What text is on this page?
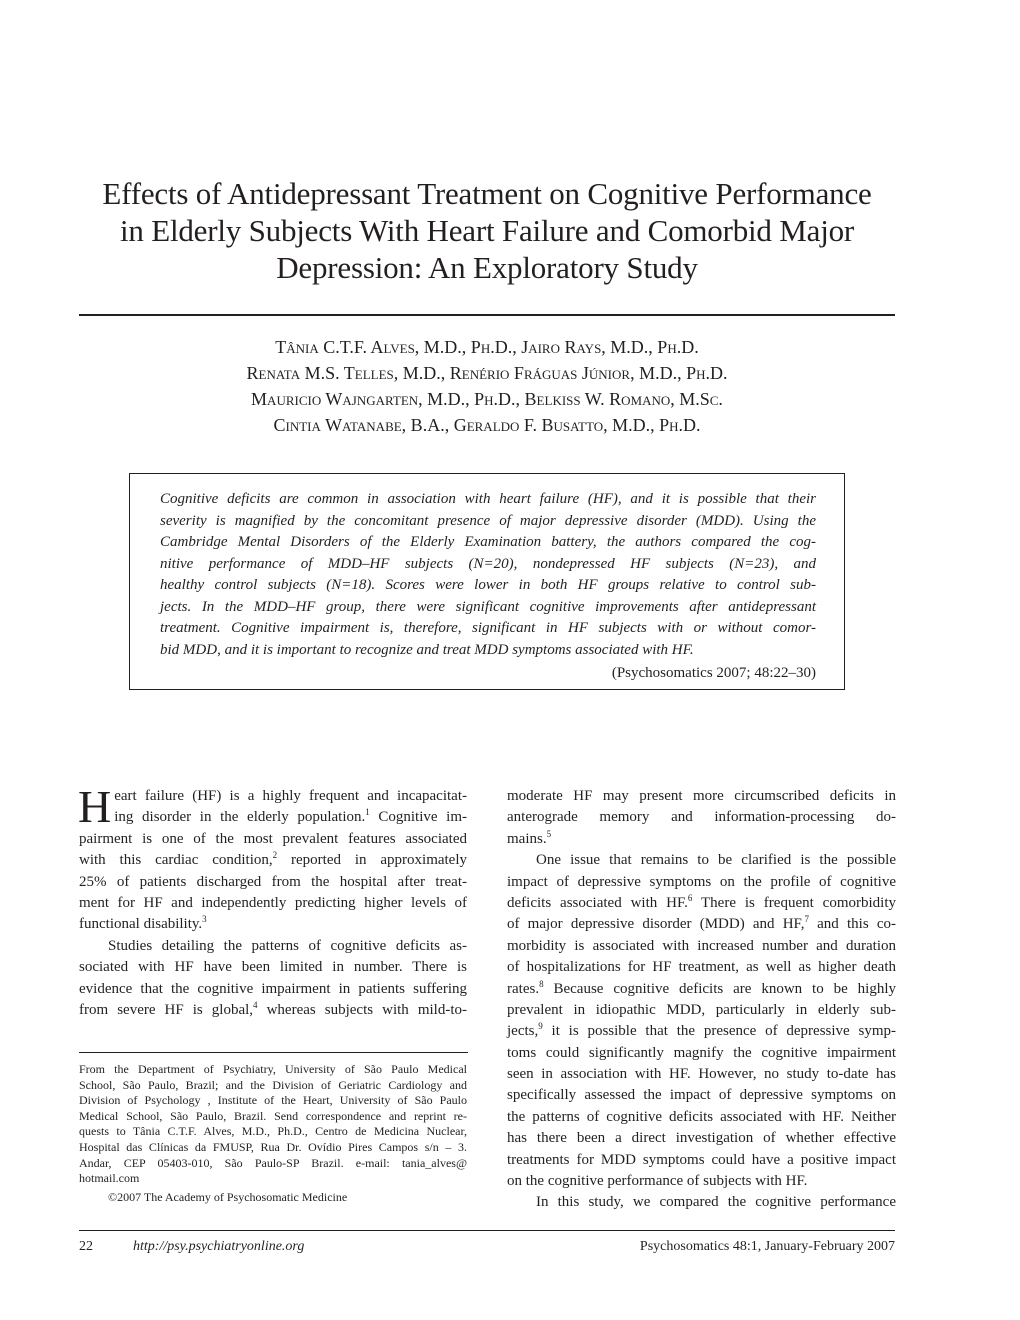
Effects of Antidepressant Treatment on Cognitive Performance
in Elderly Subjects With Heart Failure and Comorbid Major
Depression: An Exploratory Study
Tânia C.T.F. Alves, M.D., Ph.D., Jairo Rays, M.D., Ph.D.
Renata M.S. Telles, M.D., Renério Fráguas Júnior, M.D., Ph.D.
Mauricio Wajngarten, M.D., Ph.D., Belkiss W. Romano, M.Sc.
Cintia Watanabe, B.A., Geraldo F. Busatto, M.D., Ph.D.
Cognitive deficits are common in association with heart failure (HF), and it is possible that their
severity is magnified by the concomitant presence of major depressive disorder (MDD). Using the
Cambridge Mental Disorders of the Elderly Examination battery, the authors compared the cog-
nitive performance of MDD–HF subjects (N=20), nondepressed HF subjects (N=23), and
healthy control subjects (N=18). Scores were lower in both HF groups relative to control sub-
jects. In the MDD–HF group, there were significant cognitive improvements after antidepressant
treatment. Cognitive impairment is, therefore, significant in HF subjects with or without comor-
bid MDD, and it is important to recognize and treat MDD symptoms associated with HF.
(Psychosomatics 2007; 48:22–30)
H eart failure (HF) is a highly frequent and incapacitat-
ing disorder in the elderly population.$^1$ Cognitive im-
pairment is one of the most prevalent features associated
with this cardiac condition,$^2$ reported in approximately
25% of patients discharged from the hospital after treat-
ment for HF and independently predicting higher levels of
functional disability.$^3$
Studies detailing the patterns of cognitive deficits as-
sociated with HF have been limited in number. There is
evidence that the cognitive impairment in patients suffering
from severe HF is global,$^4$ whereas subjects with mild-to-
From the Department of Psychiatry, University of São Paulo Medical
School, São Paulo, Brazil; and the Division of Geriatric Cardiology and
Division of Psychology , Institute of the Heart, University of São Paulo
Medical School, São Paulo, Brazil. Send correspondence and reprint re-
quests to Tânia C.T.F. Alves, M.D., Ph.D., Centro de Medicina Nuclear,
Hospital das Clínicas da FMUSP, Rua Dr. Ovídio Pires Campos s/n – 3.
Andar, CEP 05403-010, São Paulo-SP Brazil. e-mail: tania_alves@
hotmail.com
©2007 The Academy of Psychosomatic Medicine
moderate HF may present more circumscribed deficits in
anterograde memory and information-processing do-
mains.$^5$
One issue that remains to be clarified is the possible
impact of depressive symptoms on the profile of cognitive
deficits associated with HF.$^6$ There is frequent comorbidity
of major depressive disorder (MDD) and HF,$^7$ and this co-
morbidity is associated with increased number and duration
of hospitalizations for HF treatment, as well as higher death
rates.$^8$ Because cognitive deficits are known to be highly
prevalent in idiopathic MDD, particularly in elderly sub-
jects,$^9$ it is possible that the presence of depressive symp-
toms could significantly magnify the cognitive impairment
seen in association with HF. However, no study to-date has
specifically assessed the impact of depressive symptoms on
the patterns of cognitive deficits associated with HF. Neither
has there been a direct investigation of whether effective
treatments for MDD symptoms could have a positive impact
on the cognitive performance of subjects with HF.
In this study, we compared the cognitive performance
22	http://psy.psychiatryonline.org	Psychosomatics 48:1, January-February 2007
